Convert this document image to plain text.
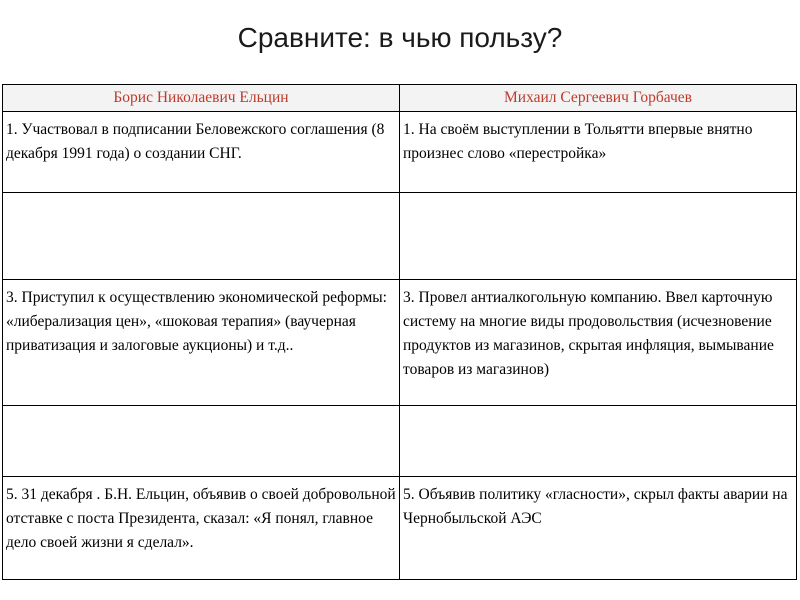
Сравните: в чью пользу?
Борис Николаевич Ельцин	Михаил Сергеевич Горбачев
1. Участвовал в подписании Беловежского соглашения (8 декабря 1991 года) о создании СНГ.	1. На своём выступлении в Тольятти впервые внятно произнес слово «перестройка»

3. Приступил к осуществлению экономической реформы: «либерализация цен», «шоковая терапия» (ваучерная приватизация и залоговые аукционы) и т.д..	3. Провел антиалкогольную компанию. Ввел карточную систему на многие виды продовольствия (исчезновение продуктов из магазинов, скрытая инфляция, вымывание товаров из магазинов)

5. 31 декабря . Б.Н. Ельцин, объявив о своей добровольной отставке с поста Президента, сказал: «Я понял, главное дело своей жизни я сделал».	5. Объявив политику «гласности», скрыл факты аварии на Чернобыльской АЭС
